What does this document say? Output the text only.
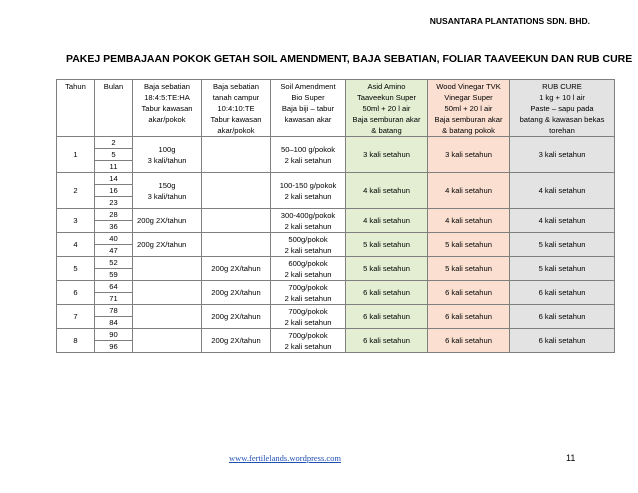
NUSANTARA PLANTATIONS SDN. BHD.
PAKEJ PEMBAJAAN POKOK GETAH SOIL AMENDMENT, BAJA SEBATIAN, FOLIAR TAAVEEKUN DAN RUB CURE
Tahun	Bulan	Baja sebatian
18:4:5:TE:HA
Tabur kawasan
akar/pokok	Baja sebatian
tanah campur
10:4:10:TE
Tabur kawasan
akar/pokok	Soil Amendment
Bio Super
Baja biji – tabur
kawasan akar	Asid Amino
Taaveekun Super
50ml + 20 l air
Baja semburan akar
& batang	Wood Vinegar TVK
Vinegar Super
50ml + 20 l air
Baja semburan akar
& batang pokok	RUB CURE
1 kg + 10 l air
Paste – sapu pada
batang & kawasan bekas
torehan

1	2	100g
3 kali/tahun		50–100 g/pokok
2 kali setahun	3 kali setahun	3 kali setahun	3 kali setahun
	5						
	11						
2	14	150g
3 kali/tahun		100-150 g/pokok
2 kali setahun	4 kali setahun	4 kali setahun	4 kali setahun
	16						
	23						
3	28	200g 2X/tahun		300-400g/pokok
2 kali setahun	4 kali setahun	4 kali setahun	4 kali setahun
	36						
4	40	200g 2X/tahun		500g/pokok
2 kali setahun	5 kali setahun	5 kali setahun	5 kali setahun
	47						
5	52		200g 2X/tahun	600g/pokok
2 kali setahun	5 kali setahun	5 kali setahun	5 kali setahun
	59						
6	64		200g 2X/tahun	700g/pokok
2 kali setahun	6 kali setahun	6 kali setahun	6 kali setahun
	71						
7	78		200g 2X/tahun	700g/pokok
2 kali setahun	6 kali setahun	6 kali setahun	6 kali setahun
	84						
8	90		200g 2X/tahun	700g/pokok
2 kali setahun	6 kali setahun	6 kali setahun	6 kali setahun
	96						
www.fertilelands.wordpress.com	11
